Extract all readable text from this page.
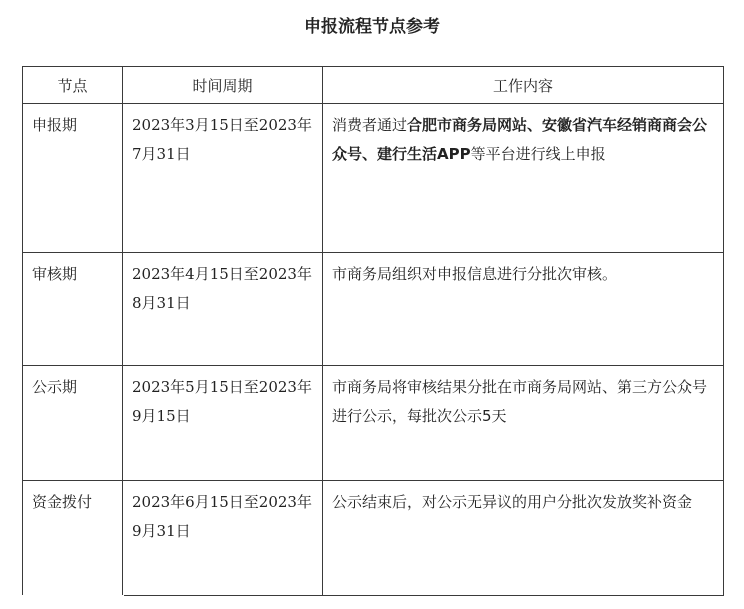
申报流程节点参考
节点	时间周期	工作内容

申报期	2023年3月15日至2023年7月31日	消费者通过合肥市商务局网站、安徽省汽车经销商商会公众号、建行生活APP等平台进行线上申报

审核期	2023年4月15日至2023年8月31日	市商务局组织对申报信息进行分批次审核。

公示期	2023年5月15日至2023年9月15日	市商务局将审核结果分批在市商务局网站、第三方公众号进行公示，每批次公示5天

资金拨付	2023年6月15日至2023年9月31日	公示结束后，对公示无异议的用户分批次发放奖补资金
